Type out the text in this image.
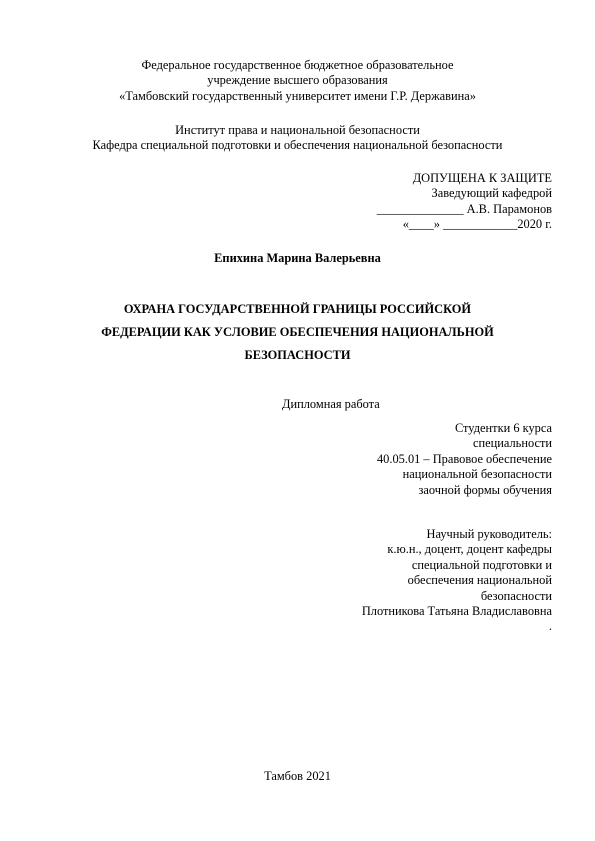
Федеральное государственное бюджетное образовательное
учреждение высшего образования
«Тамбовский государственный университет имени Г.Р. Державина»
Институт права и национальной безопасности
Кафедра специальной подготовки и обеспечения национальной безопасности
ДОПУЩЕНА К ЗАЩИТЕ
Заведующий кафедрой
______________ А.В. Парамонов
«____» ____________2020 г.
Епихина Марина Валерьевна
ОХРАНА ГОСУДАРСТВЕННОЙ ГРАНИЦЫ РОССИЙСКОЙ
ФЕДЕРАЦИИ КАК УСЛОВИЕ ОБЕСПЕЧЕНИЯ НАЦИОНАЛЬНОЙ
БЕЗОПАСНОСТИ
Дипломная работа
Студентки 6 курса
специальности
40.05.01 – Правовое обеспечение
национальной безопасности
заочной формы обучения
Научный руководитель:
к.ю.н., доцент, доцент кафедры
специальной подготовки и
обеспечения национальной
безопасности
Плотникова Татьяна Владиславовна
.
Тамбов 2021
